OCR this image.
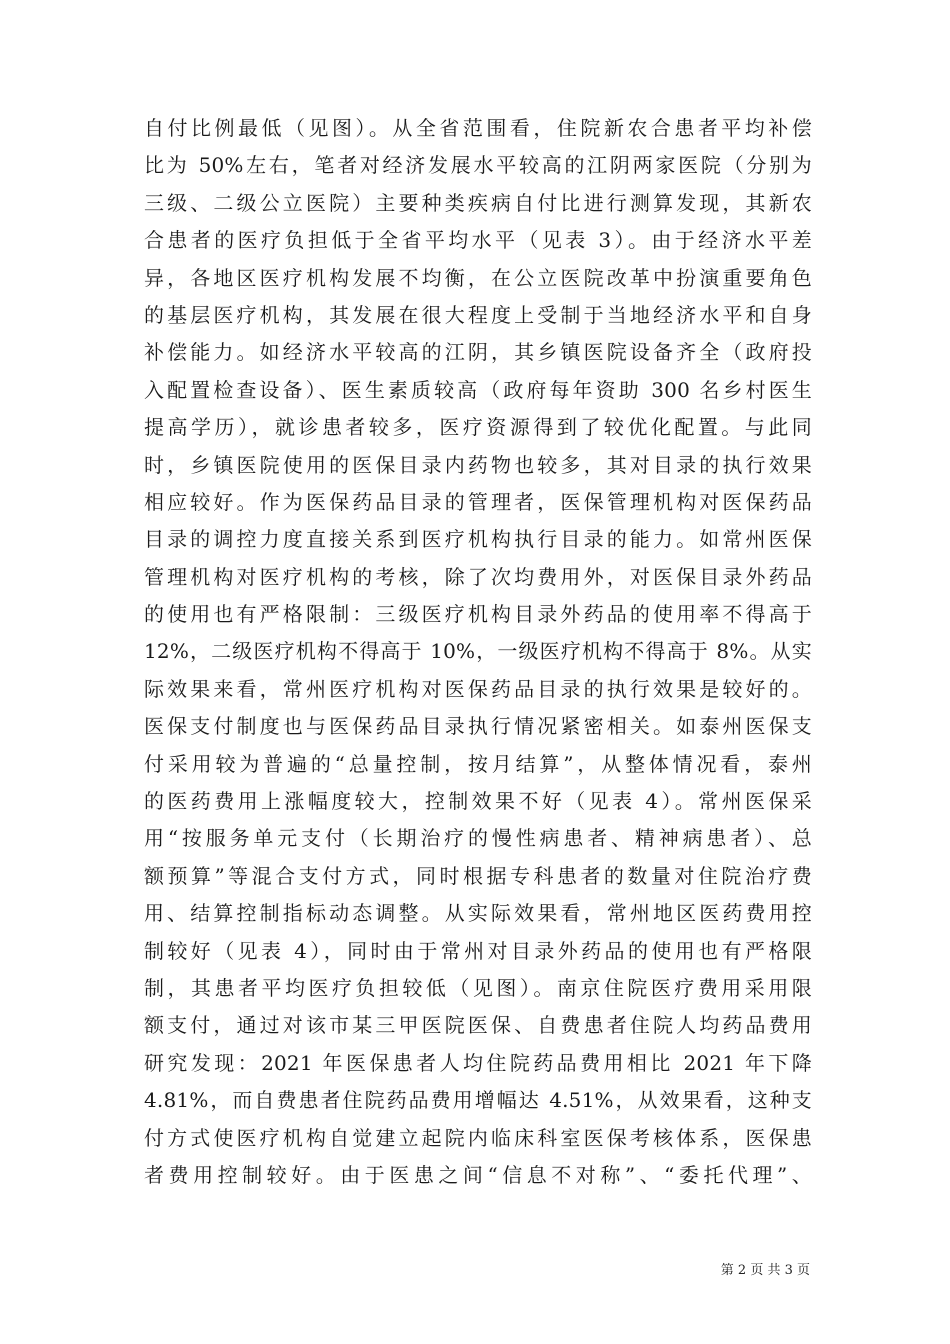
自付比例最低（见图）。从全省范围看，住院新农合患者平均补偿
比为 50%左右，笔者对经济发展水平较高的江阴两家医院（分别为
三级、二级公立医院）主要种类疾病自付比进行测算发现，其新农
合患者的医疗负担低于全省平均水平（见表 3）。由于经济水平差
异，各地区医疗机构发展不均衡，在公立医院改革中扮演重要角色
的基层医疗机构，其发展在很大程度上受制于当地经济水平和自身
补偿能力。如经济水平较高的江阴，其乡镇医院设备齐全（政府投
入配置检查设备）、医生素质较高（政府每年资助 300 名乡村医生
提高学历），就诊患者较多，医疗资源得到了较优化配置。与此同
时，乡镇医院使用的医保目录内药物也较多，其对目录的执行效果
相应较好。作为医保药品目录的管理者，医保管理机构对医保药品
目录的调控力度直接关系到医疗机构执行目录的能力。如常州医保
管理机构对医疗机构的考核，除了次均费用外，对医保目录外药品
的使用也有严格限制：三级医疗机构目录外药品的使用率不得高于
12%，二级医疗机构不得高于 10%，一级医疗机构不得高于 8%。从实
际效果来看，常州医疗机构对医保药品目录的执行效果是较好的。
医保支付制度也与医保药品目录执行情况紧密相关。如泰州医保支
付采用较为普遍的“总量控制，按月结算”，从整体情况看，泰州
的医药费用上涨幅度较大，控制效果不好（见表 4）。常州医保采
用“按服务单元支付（长期治疗的慢性病患者、精神病患者）、总
额预算”等混合支付方式，同时根据专科患者的数量对住院治疗费
用、结算控制指标动态调整。从实际效果看，常州地区医药费用控
制较好（见表 4），同时由于常州对目录外药品的使用也有严格限
制，其患者平均医疗负担较低（见图）。南京住院医疗费用采用限
额支付，通过对该市某三甲医院医保、自费患者住院人均药品费用
研究发现：2021 年医保患者人均住院药品费用相比 2021 年下降
4.81%，而自费患者住院药品费用增幅达 4.51%，从效果看，这种支
付方式使医疗机构自觉建立起院内临床科室医保考核体系，医保患
者费用控制较好。由于医患之间“信息不对称”、“委托代理”、
第 2 页 共 3 页
